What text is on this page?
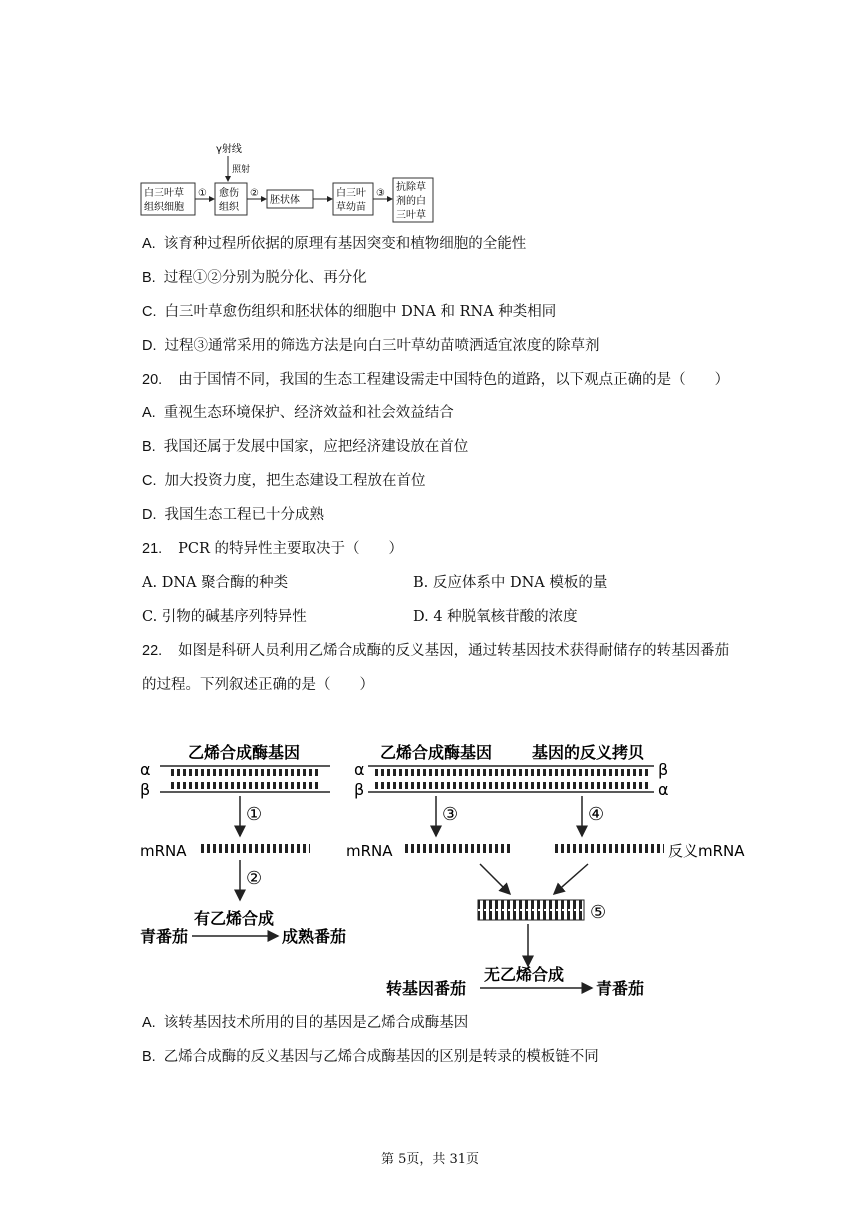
γ射线
照射
白三叶草
组织细胞
① 愈伤
组织
②
胚状体
白三叶
草幼苗
③
抗除草
剂的白
三叶草
A. 该育种过程所依据的原理有基因突变和植物细胞的全能性
B. 过程①②分别为脱分化、再分化
C. 白三叶草愈伤组织和胚状体的细胞中 DNA 和 RNA 种类相同
D. 过程③通常采用的筛选方法是向白三叶草幼苗喷洒适宜浓度的除草剂
20. 由于国情不同，我国的生态工程建设需走中国特色的道路，以下观点正确的是（　　）
A. 重视生态环境保护、经济效益和社会效益结合
B. 我国还属于发展中国家，应把经济建设放在首位
C. 加大投资力度，把生态建设工程放在首位
D. 我国生态工程已十分成熟
21. PCR 的特异性主要取决于（　　）
A. DNA 聚合酶的种类	B. 反应体系中 DNA 模板的量
C. 引物的碱基序列特异性	D. 4 种脱氧核苷酸的浓度
22. 如图是科研人员利用乙烯合成酶的反义基因，通过转基因技术获得耐储存的转基因番茄
的过程。下列叙述正确的是（　　）
乙烯合成酶基因
α
β
①
mRNA
②
有乙烯合成
青番茄	成熟番茄
乙烯合成酶基因 基因的反义拷贝
α
β
β
α
③	④
mRNA	反义mRNA
⑤
转基因番茄
无乙烯合成
青番茄
A. 该转基因技术所用的目的基因是乙烯合成酶基因
B. 乙烯合成酶的反义基因与乙烯合成酶基因的区别是转录的模板链不同
第 5页，共 31页
